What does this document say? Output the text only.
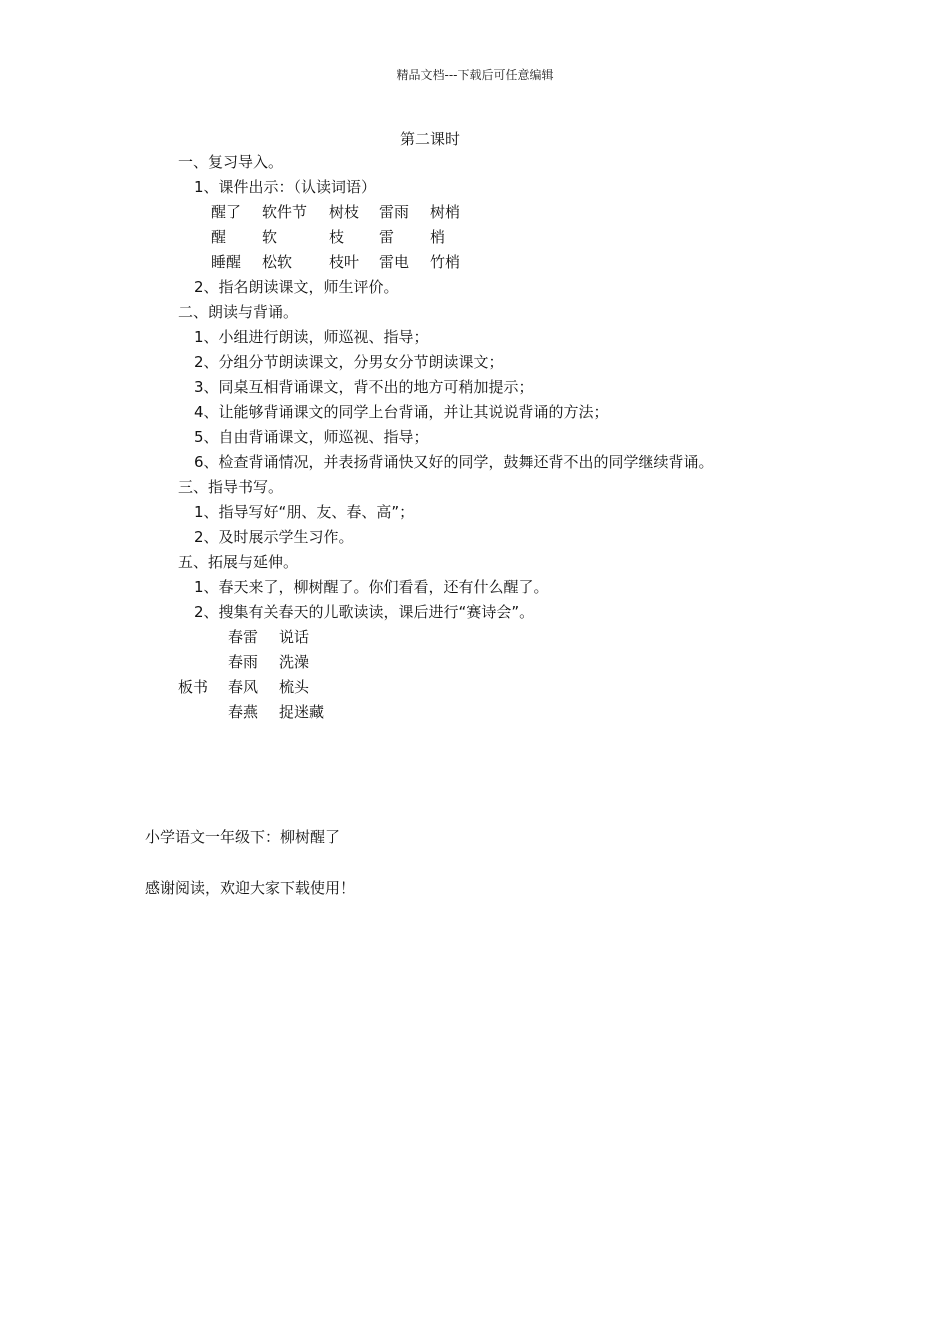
精品文档---下载后可任意编辑
第二课时
一、复习导入。
1、课件出示：（认读词语）
醒了 软件节 树枝 雷雨 树梢
醒 软	枝 雷 梢
睡醒 松软 枝叶 雷电 竹梢
2、指名朗读课文，师生评价。
二、朗读与背诵。
1、小组进行朗读，师巡视、指导；
2、分组分节朗读课文，分男女分节朗读课文；
3、同桌互相背诵课文，背不出的地方可稍加提示；
4、让能够背诵课文的同学上台背诵，并让其说说背诵的方法；
5、自由背诵课文，师巡视、指导；
6、检查背诵情况，并表扬背诵快又好的同学，鼓舞还背不出的同学继续背诵。
三、指导书写。
1、指导写好“朋、友、春、高”；
2、及时展示学生习作。
五、拓展与延伸。
1、春天来了，柳树醒了。你们看看，还有什么醒了。
2、搜集有关春天的儿歌读读，课后进行“赛诗会”。
板书
春雷
春雨
春风
春燕
说话
洗澡
梳头
捉迷藏
小学语文一年级下：柳树醒了
感谢阅读，欢迎大家下载使用！
